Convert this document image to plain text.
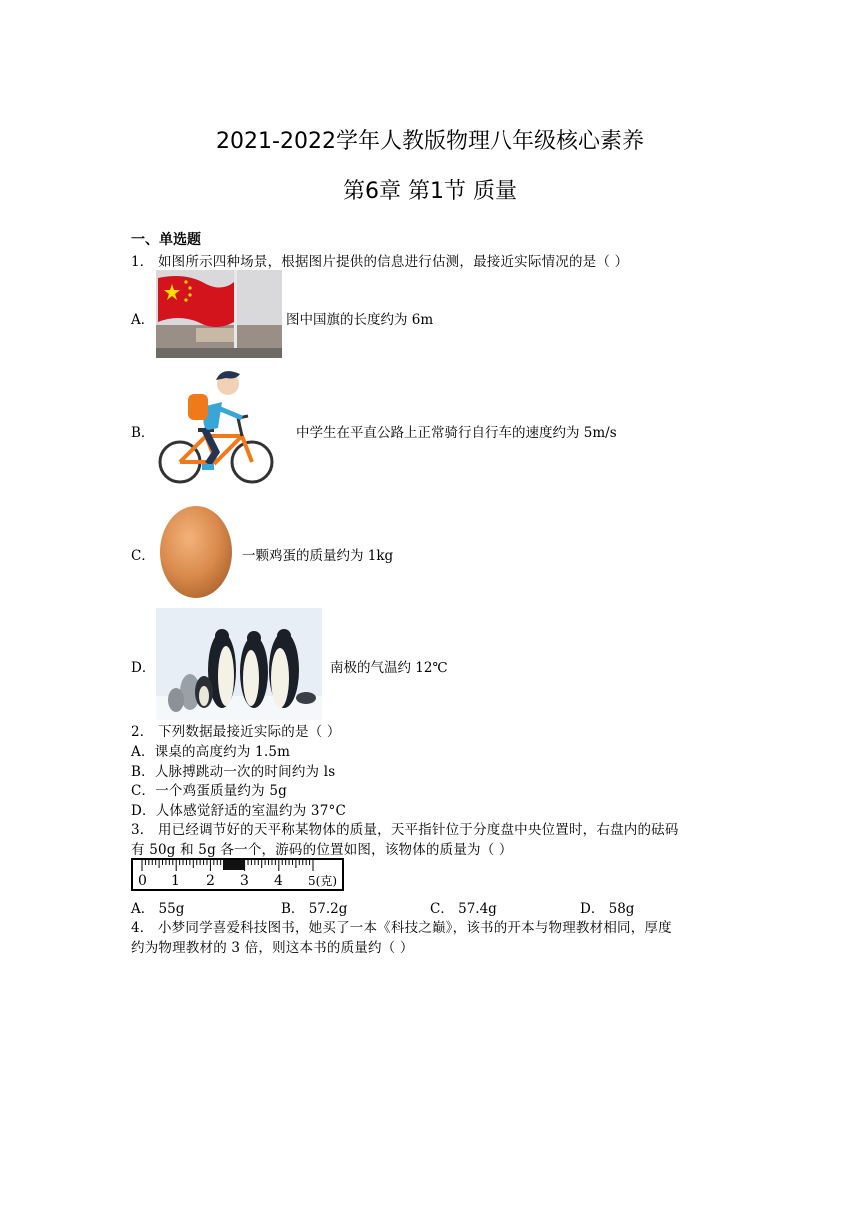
2021-2022学年人教版物理八年级核心素养
第6章 第1节 质量
一、单选题
1． 如图所示四种场景，根据图片提供的信息进行估测，最接近实际情况的是（ ）
A．	图中国旗的长度约为 6m
B．	中学生在平直公路上正常骑行自行车的速度约为 5m/s
C．	一颗鸡蛋的质量约为 1kg
D．	南极的气温约 12℃
2． 下列数据最接近实际的是（ ）
A．课桌的高度约为 1.5m
B．人脉搏跳动一次的时间约为 ls
C．一个鸡蛋质量约为 5g
D．人体感觉舒适的室温约为 37°C
3． 用已经调节好的天平称某物体的质量，天平指针位于分度盘中央位置时，右盘内的砝码
有 50g 和 5g 各一个，游码的位置如图，该物体的质量为（ ）
0 1 2 3 4 5(克)
A． 55g	B． 57.2g	C． 57.4g	D． 58g
4． 小梦同学喜爱科技图书，她买了一本《科技之巅》，该书的开本与物理教材相同，厚度
约为物理教材的 3 倍，则这本书的质量约（ ）
